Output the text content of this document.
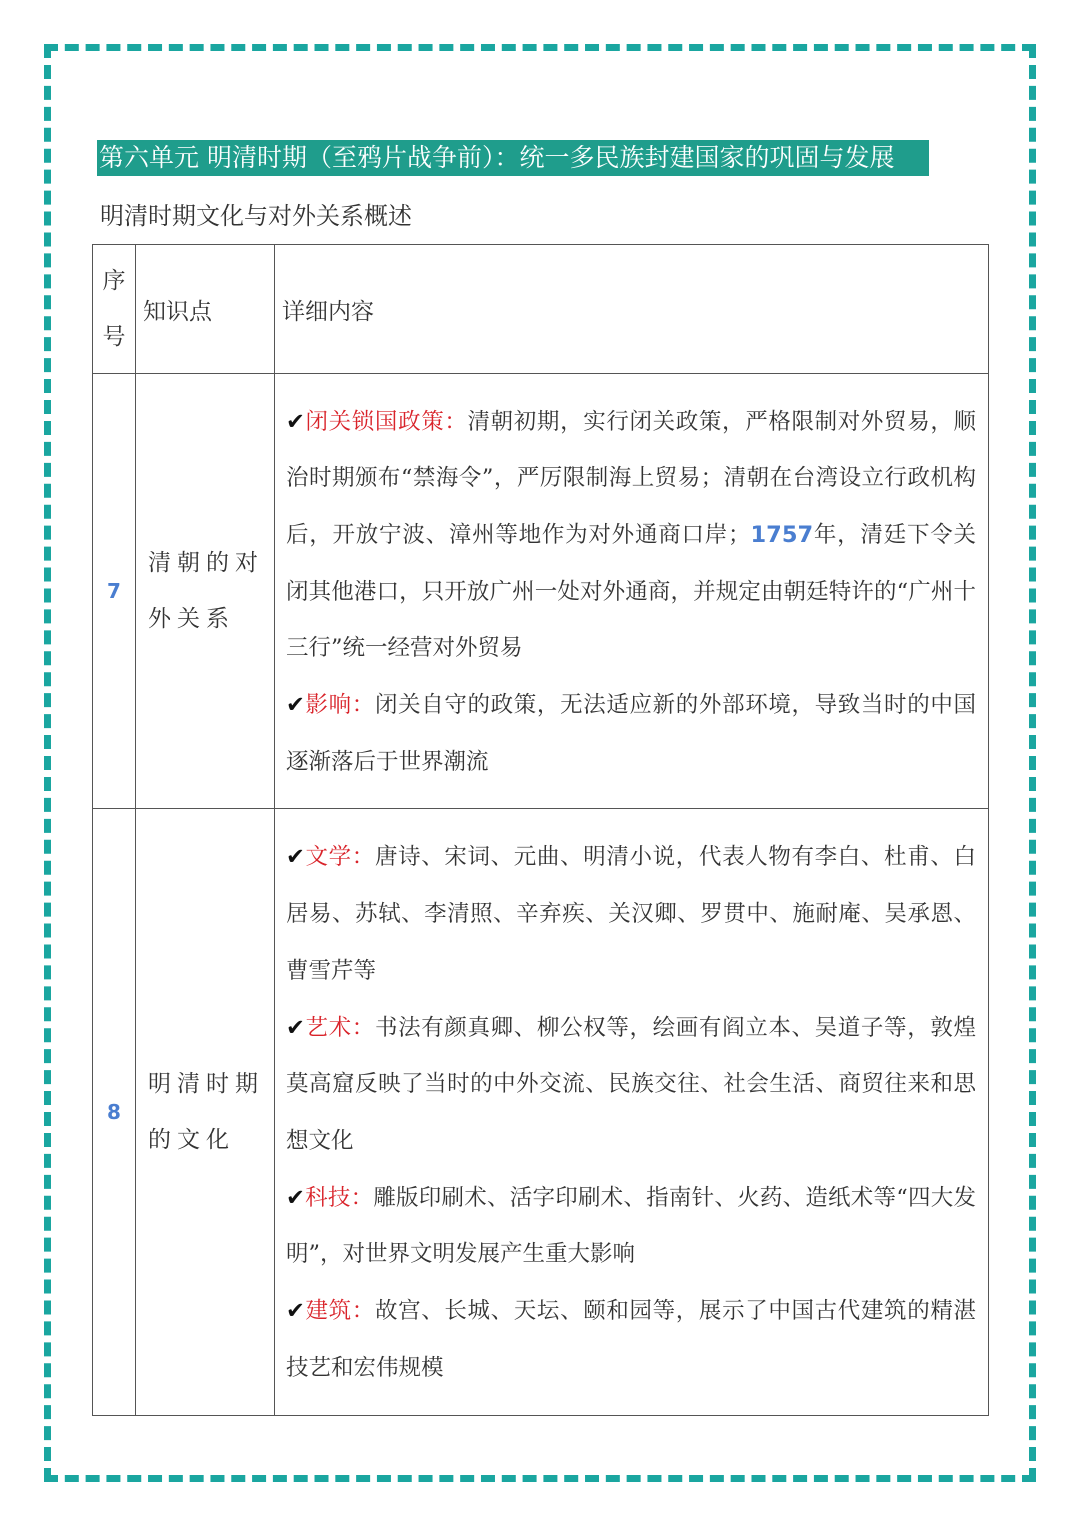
第六单元 明清时期（至鸦片战争前）：统一多民族封建国家的巩固与发展
明清时期文化与对外关系概述
序
号	知识点	详细内容
7	清朝的对外关系	✔闭关锁国政策：清朝初期，实行闭关政策，严格限制对外贸易，顺治时期颁布“禁海令”，严厉限制海上贸易；清朝在台湾设立行政机构后，开放宁波、漳州等地作为对外通商口岸；1757年，清廷下令关闭其他港口，只开放广州一处对外通商，并规定由朝廷特许的“广州十三行”统一经营对外贸易

✔影响：闭关自守的政策，无法适应新的外部环境，导致当时的中国逐渐落后于世界潮流

8	明清时期的文化	✔文学：唐诗、宋词、元曲、明清小说，代表人物有李白、杜甫、白居易、苏轼、李清照、辛弃疾、关汉卿、罗贯中、施耐庵、吴承恩、曹雪芹等

✔艺术：书法有颜真卿、柳公权等，绘画有阎立本、吴道子等，敦煌莫高窟反映了当时的中外交流、民族交往、社会生活、商贸往来和思想文化

✔科技：雕版印刷术、活字印刷术、指南针、火药、造纸术等“四大发明”，对世界文明发展产生重大影响

✔建筑：故宫、长城、天坛、颐和园等，展示了中国古代建筑的精湛技艺和宏伟规模
